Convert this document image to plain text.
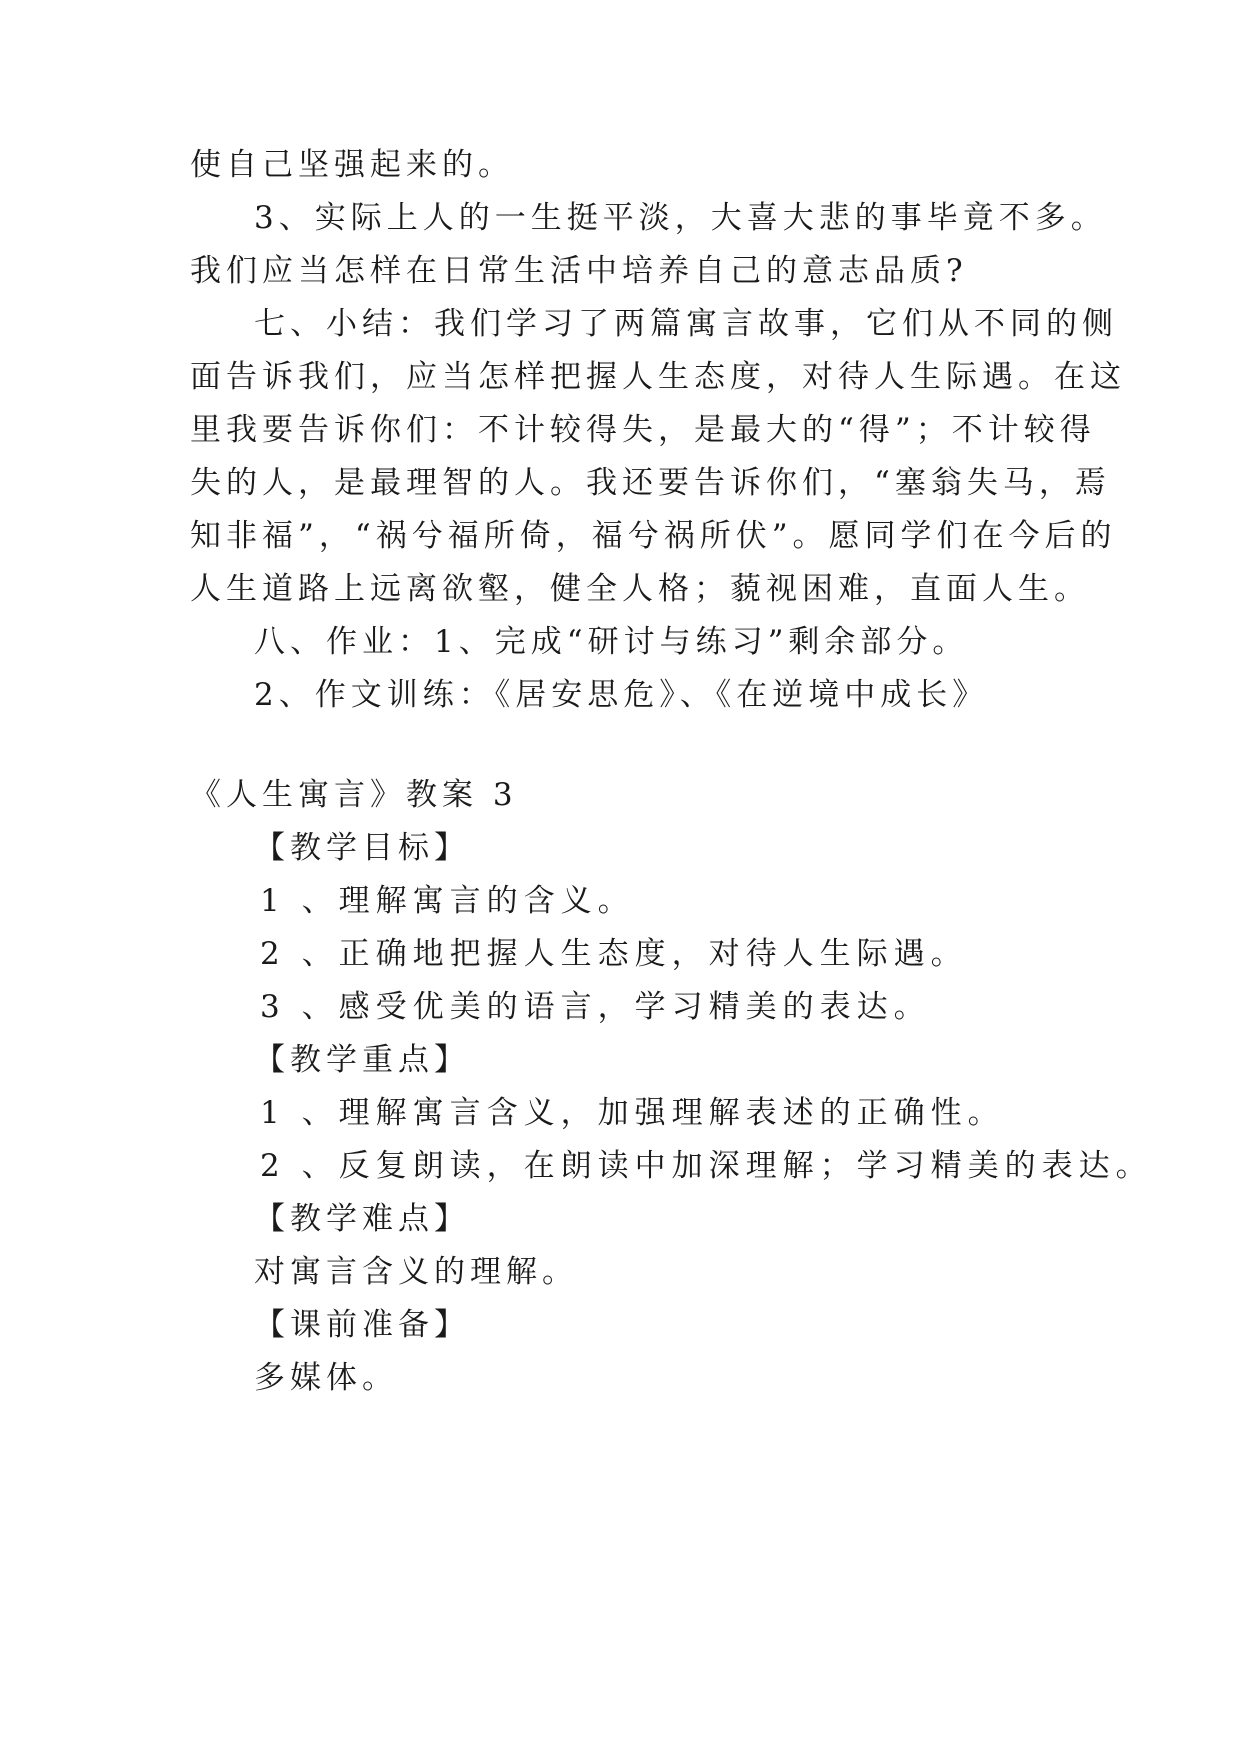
使自己坚强起来的。

3、实际上人的一生挺平淡，大喜大悲的事毕竟不多。

我们应当怎样在日常生活中培养自己的意志品质?

七、小结：我们学习了两篇寓言故事，它们从不同的侧

面告诉我们，应当怎样把握人生态度，对待人生际遇。在这

里我要告诉你们：不计较得失，是最大的“得”；不计较得

失的人，是最理智的人。我还要告诉你们，“塞翁失马，焉

知非福”，“祸兮福所倚，福兮祸所伏”。愿同学们在今后的

人生道路上远离欲壑，健全人格；藐视困难，直面人生。

八、作业：1、完成“研讨与练习”剩余部分。

2、作文训练：《居安思危》、《在逆境中成长》

《人生寓言》教案 3

【教学目标】

1 、理解寓言的含义。

2 、正确地把握人生态度，对待人生际遇。

3 、感受优美的语言，学习精美的表达。

【教学重点】

1 、理解寓言含义，加强理解表述的正确性。

2 、反复朗读，在朗读中加深理解；学习精美的表达。

【教学难点】

对寓言含义的理解。

【课前准备】

多媒体。
